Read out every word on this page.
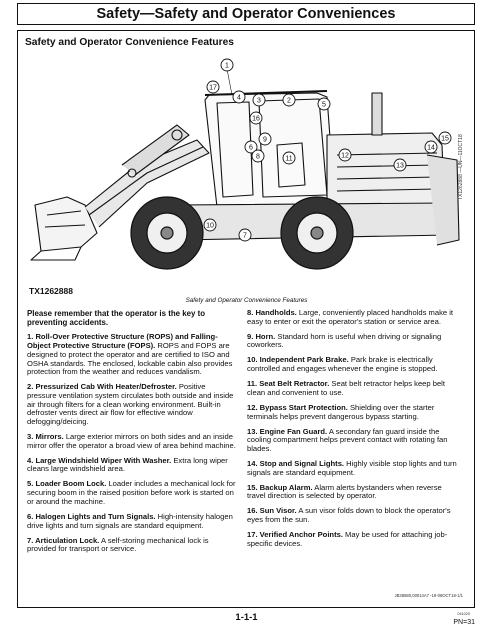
Safety—Safety and Operator Conveniences
Safety and Operator Convenience Features
1
17
4 3	2
5
16
9
6
8	11	12
13
14
15
10
7
TX1262888
TX1262888 —UN—11OCT18
Safety and Operator Convenience Features

Please remember that the operator is the key to preventing accidents.

1. Roll-Over Protective Structure (ROPS) and Falling-Object Protective Structure (FOPS). ROPS and FOPS are designed to protect the operator and are certified to ISO and OSHA standards. The enclosed, lockable cabin also provides protection from the weather and reduces vandalism.

2. Pressurized Cab With Heater/Defroster. Positive pressure ventilation system circulates both outside and inside air through filters for a clean working environment. Built-in defroster vents direct air flow for effective window defogging/deicing.

3. Mirrors. Large exterior mirrors on both sides and an inside mirror offer the operator a broad view of area behind machine.

4. Large Windshield Wiper With Washer. Extra long wiper cleans large windshield area.

5. Loader Boom Lock. Loader includes a mechanical lock for securing boom in the raised position before work is started on or around the machine.

6. Halogen Lights and Turn Signals. High-intensity halogen drive lights and turn signals are standard equipment.

7. Articulation Lock. A self-storing mechanical lock is provided for transport or service.

8. Handholds. Large, conveniently placed handholds make it easy to enter or exit the operator's station or service area.

9. Horn. Standard horn is useful when driving or signaling coworkers.

10. Independent Park Brake. Park brake is electrically controlled and engages whenever the engine is stopped.

11. Seat Belt Retractor. Seat belt retractor helps keep belt clean and convenient to use.

12. Bypass Start Protection. Shielding over the starter terminals helps prevent dangerous bypass starting.

13. Engine Fan Guard. A secondary fan guard inside the cooling compartment helps prevent contact with rotating fan blades.

14. Stop and Signal Lights. Highly visible stop lights and turn signals are standard equipment.

15. Backup Alarm. Alarm alerts bystanders when reverse travel direction is selected by operator.

16. Sun Visor. A sun visor folds down to block the operator's eyes from the sun.

17. Verified Anchor Points. May be used for attaching job-specific devices.

JB38880,00014A7 -19-08OCT18-1/1
1-1-1	041020
PN=31
